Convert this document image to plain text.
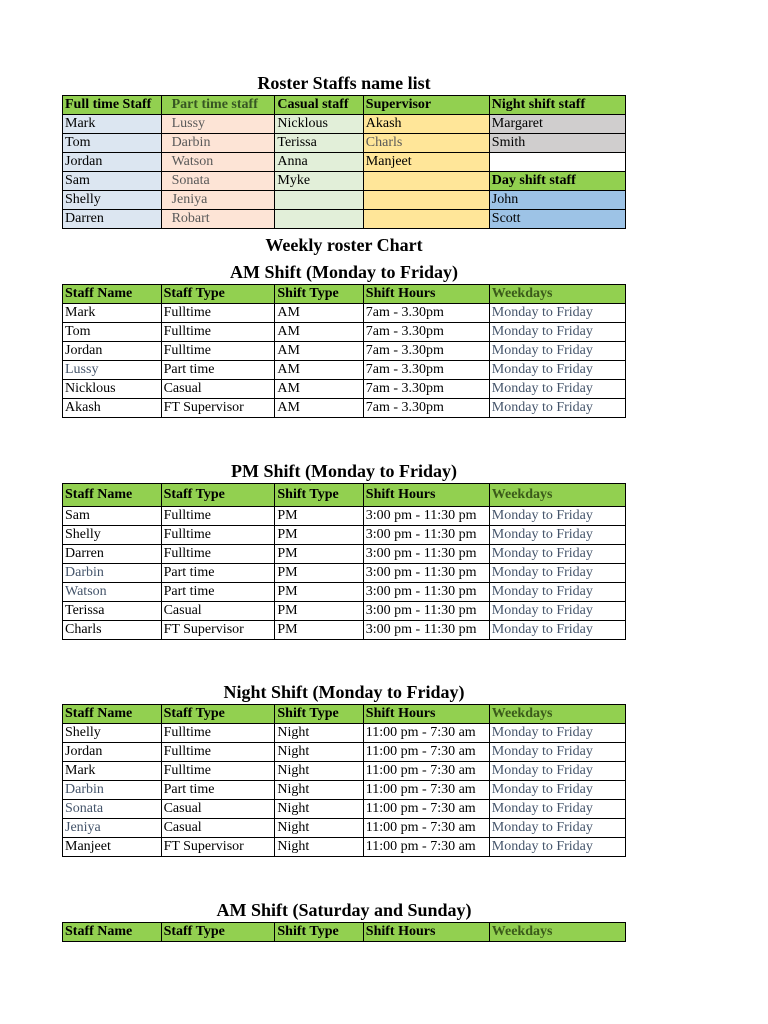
Roster Staffs name list
Full time Staff	Part time staff	Casual staff	Supervisor	Night shift staff
Mark	Lussy	Nicklous	Akash	Margaret
Tom	Darbin	Terissa	Charls	Smith
Jordan	Watson	Anna	Manjeet	
Sam	Sonata	Myke		Day shift staff
Shelly	Jeniya			John
Darren	Robart			Scott
Weekly roster Chart
AM Shift (Monday to Friday)
Staff Name	Staff Type	Shift Type	Shift Hours	Weekdays
Mark	Fulltime	AM	7am - 3.30pm	Monday to Friday
Tom	Fulltime	AM	7am - 3.30pm	Monday to Friday
Jordan	Fulltime	AM	7am - 3.30pm	Monday to Friday
Lussy	Part time	AM	7am - 3.30pm	Monday to Friday
Nicklous	Casual	AM	7am - 3.30pm	Monday to Friday
Akash	FT Supervisor	AM	7am - 3.30pm	Monday to Friday
PM Shift (Monday to Friday)
Staff Name	Staff Type	Shift Type	Shift Hours	Weekdays
Sam	Fulltime	PM	3:00 pm - 11:30 pm	Monday to Friday
Shelly	Fulltime	PM	3:00 pm - 11:30 pm	Monday to Friday
Darren	Fulltime	PM	3:00 pm - 11:30 pm	Monday to Friday
Darbin	Part time	PM	3:00 pm - 11:30 pm	Monday to Friday
Watson	Part time	PM	3:00 pm - 11:30 pm	Monday to Friday
Terissa	Casual	PM	3:00 pm - 11:30 pm	Monday to Friday
Charls	FT Supervisor	PM	3:00 pm - 11:30 pm	Monday to Friday
Night Shift (Monday to Friday)
Staff Name	Staff Type	Shift Type	Shift Hours	Weekdays
Shelly	Fulltime	Night	11:00 pm - 7:30 am	Monday to Friday
Jordan	Fulltime	Night	11:00 pm - 7:30 am	Monday to Friday
Mark	Fulltime	Night	11:00 pm - 7:30 am	Monday to Friday
Darbin	Part time	Night	11:00 pm - 7:30 am	Monday to Friday
Sonata	Casual	Night	11:00 pm - 7:30 am	Monday to Friday
Jeniya	Casual	Night	11:00 pm - 7:30 am	Monday to Friday
Manjeet	FT Supervisor	Night	11:00 pm - 7:30 am	Monday to Friday
AM Shift (Saturday and Sunday)
Staff Name	Staff Type	Shift Type	Shift Hours	Weekdays
